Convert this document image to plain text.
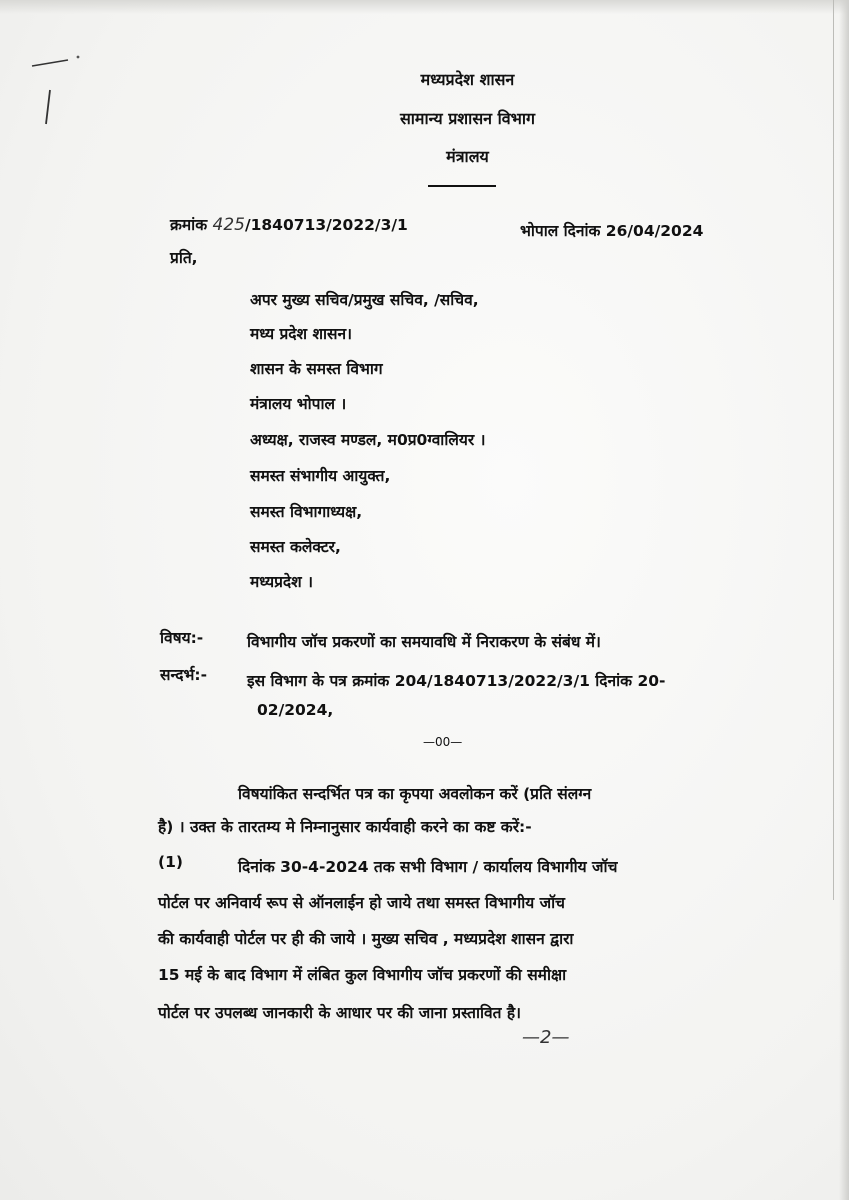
मध्यप्रदेश शासन
सामान्य प्रशासन विभाग
मंत्रालय
क्रमांक 425/1840713/2022/3/1	भोपाल दिनांक 26/04/2024
प्रति,
अपर मुख्य सचिव/प्रमुख सचिव, /सचिव,
मध्य प्रदेश शासन।
शासन के समस्त विभाग
मंत्रालय भोपाल ।
अध्यक्ष, राजस्व मण्डल, म0प्र0ग्वालियर ।
समस्त संभागीय आयुक्त,
समस्त विभागाध्यक्ष,
समस्त कलेक्टर,
मध्यप्रदेश ।
विषय:-	विभागीय जॉच प्रकरणों का समयावधि में निराकरण के संबंध में।
सन्दर्भ:-	इस विभाग के पत्र क्रमांक 204/1840713/2022/3/1 दिनांक 20-
02/2024,
—00—
विषयांकित सन्दर्भित पत्र का कृपया अवलोकन करें (प्रति संलग्न
है) । उक्त के तारतम्य मे निम्नानुसार कार्यवाही करने का कष्ट करें:-
(1)	दिनांक 30-4-2024 तक सभी विभाग / कार्यालय विभागीय जॉच
पोर्टल पर अनिवार्य रूप से ऑनलाईन हो जाये तथा समस्त विभागीय जॉच
की कार्यवाही पोर्टल पर ही की जाये । मुख्य सचिव , मध्यप्रदेश शासन द्वारा
15 मई के बाद विभाग में लंबित कुल विभागीय जॉच प्रकरणों की समीक्षा
पोर्टल पर उपलब्ध जानकारी के आधार पर की जाना प्रस्तावित है।
—2—
